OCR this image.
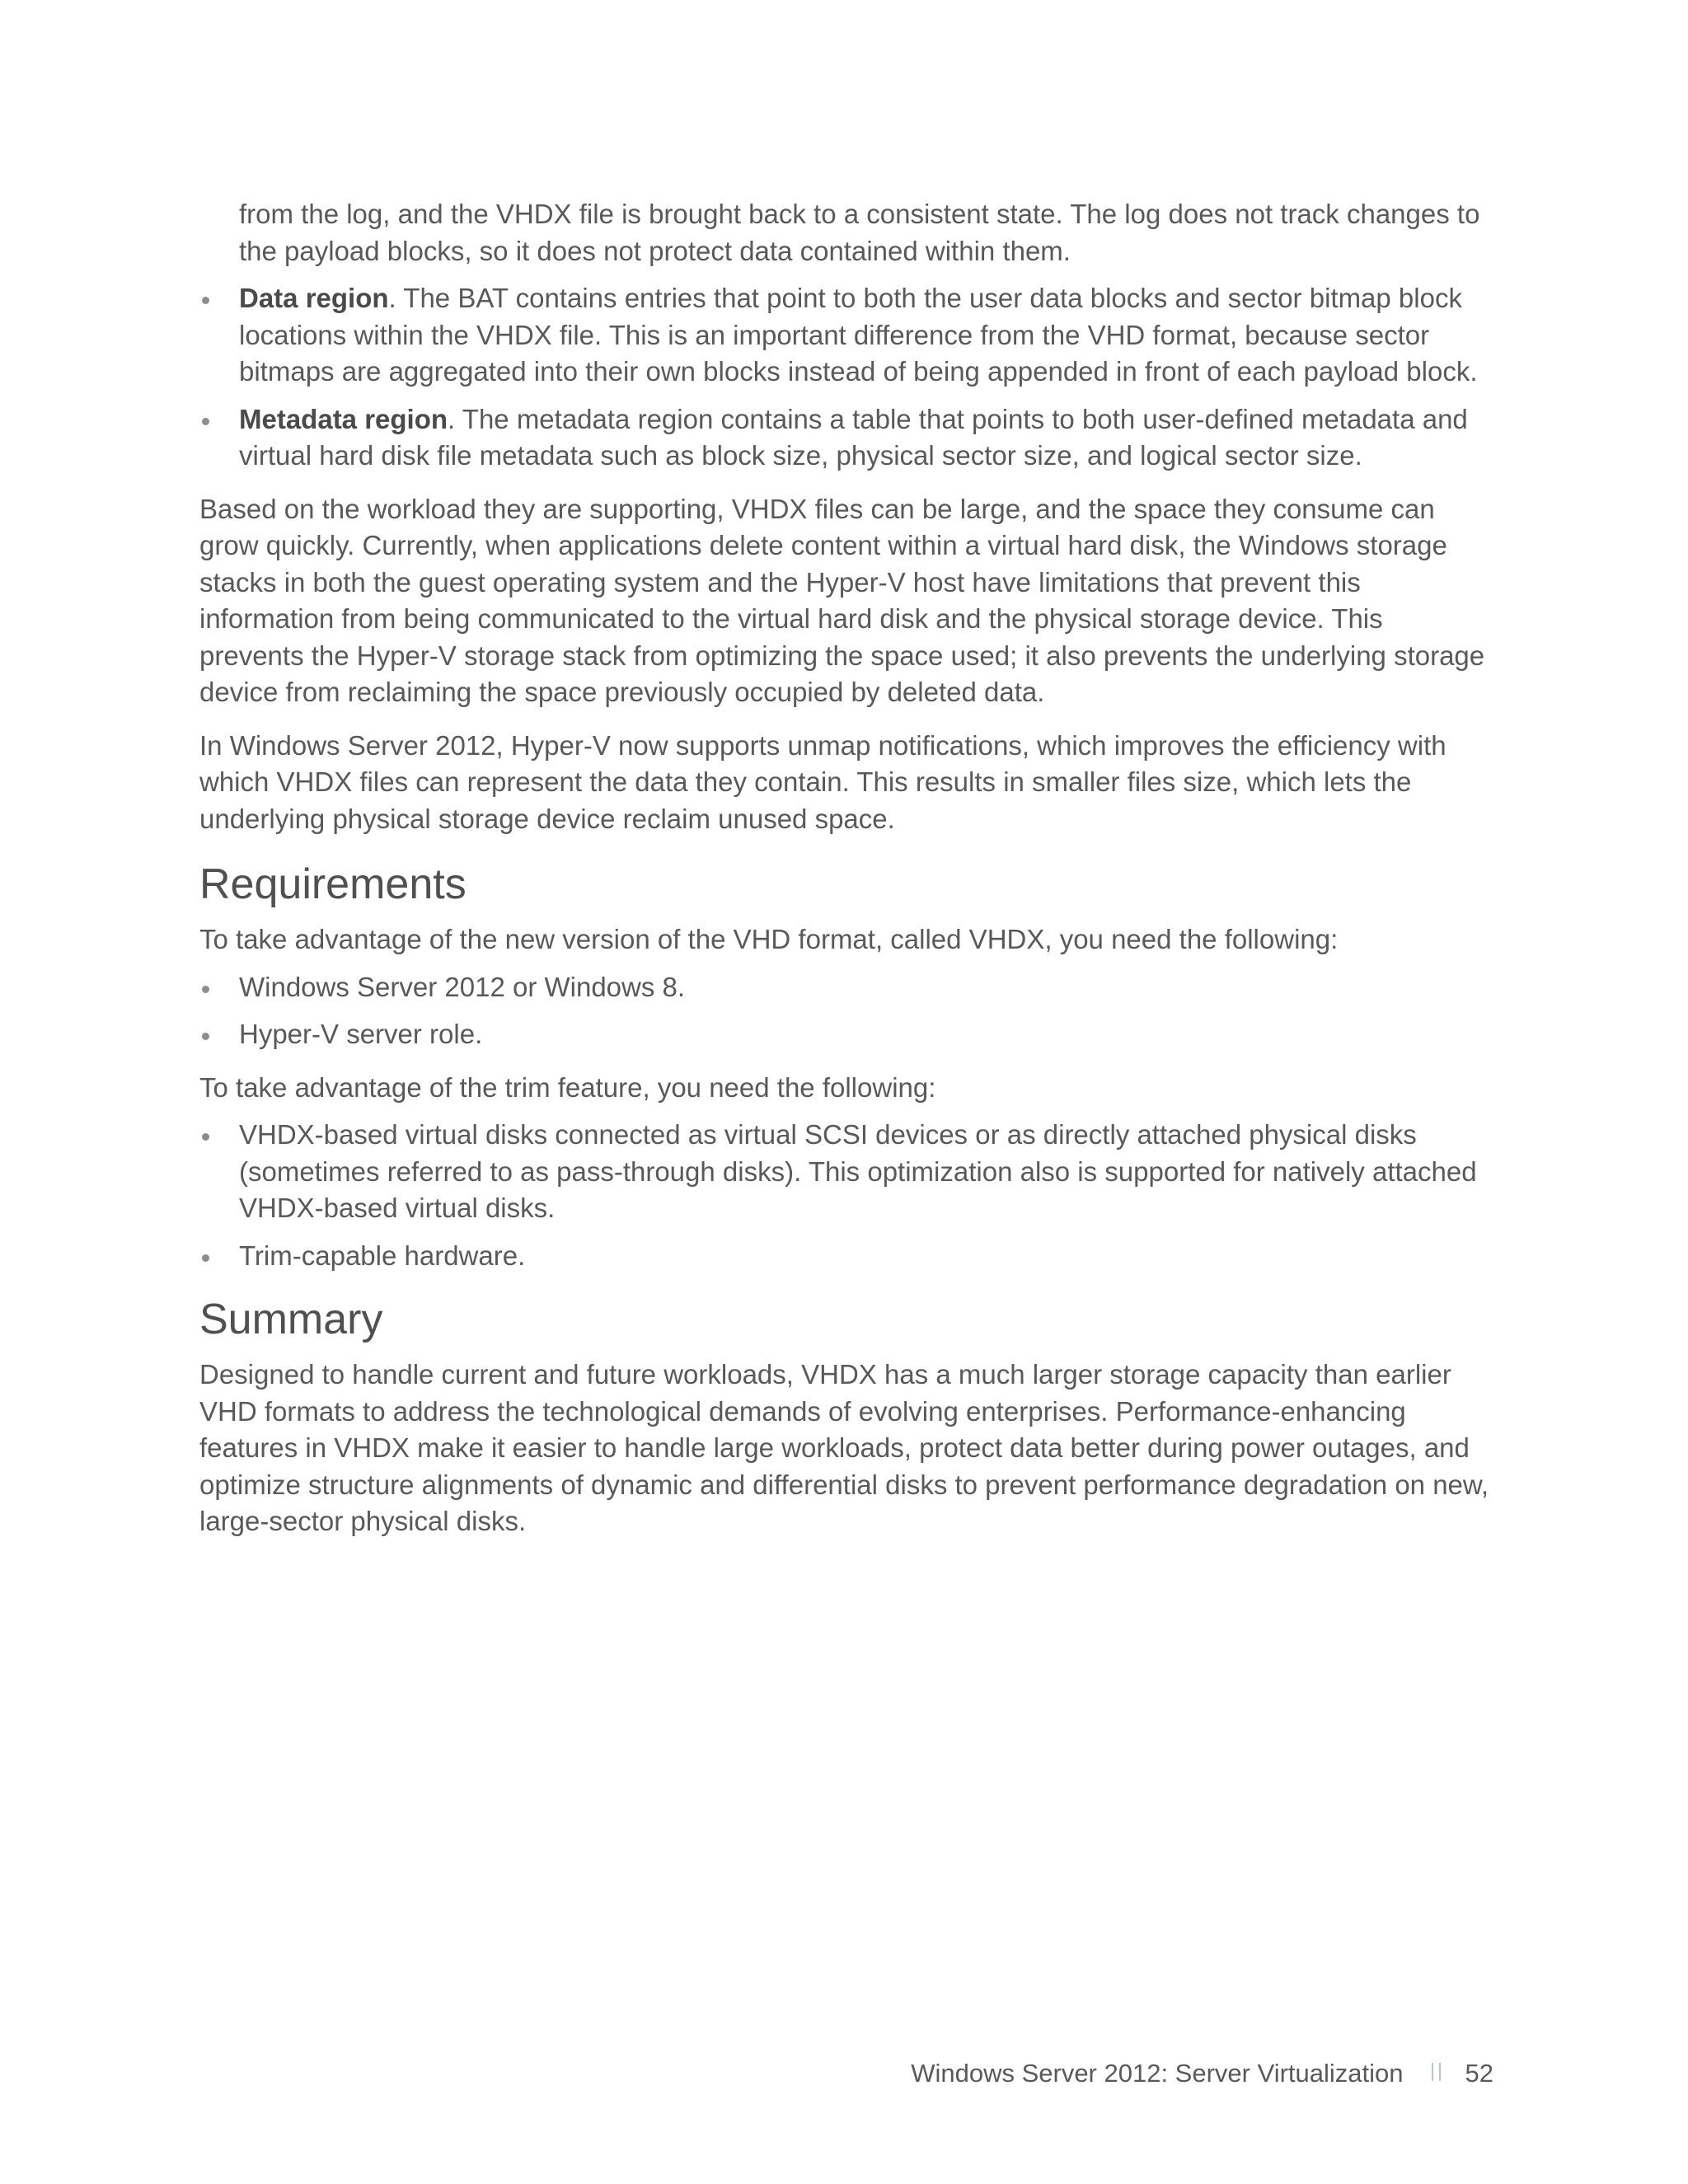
from the log, and the VHDX file is brought back to a consistent state. The log does not track changes to the payload blocks, so it does not protect data contained within them.

Data region. The BAT contains entries that point to both the user data blocks and sector bitmap block locations within the VHDX file. This is an important difference from the VHD format, because sector bitmaps are aggregated into their own blocks instead of being appended in front of each payload block.
Metadata region. The metadata region contains a table that points to both user-defined metadata and virtual hard disk file metadata such as block size, physical sector size, and logical sector size.

Based on the workload they are supporting, VHDX files can be large, and the space they consume can grow quickly. Currently, when applications delete content within a virtual hard disk, the Windows storage stacks in both the guest operating system and the Hyper-V host have limitations that prevent this information from being communicated to the virtual hard disk and the physical storage device. This prevents the Hyper-V storage stack from optimizing the space used; it also prevents the underlying storage device from reclaiming the space previously occupied by deleted data.

In Windows Server 2012, Hyper-V now supports unmap notifications, which improves the efficiency with which VHDX files can represent the data they contain. This results in smaller files size, which lets the underlying physical storage device reclaim unused space.

Requirements

To take advantage of the new version of the VHD format, called VHDX, you need the following:

Windows Server 2012 or Windows 8.
Hyper-V server role.

To take advantage of the trim feature, you need the following:

VHDX-based virtual disks connected as virtual SCSI devices or as directly attached physical disks (sometimes referred to as pass-through disks). This optimization also is supported for natively attached VHDX-based virtual disks.
Trim-capable hardware.
Summary

Designed to handle current and future workloads, VHDX has a much larger storage capacity than earlier VHD formats to address the technological demands of evolving enterprises. Performance-enhancing features in VHDX make it easier to handle large workloads, protect data better during power outages, and optimize structure alignments of dynamic and differential disks to prevent performance degradation on new, large-sector physical disks.

Windows Server 2012: Server Virtualization 52
